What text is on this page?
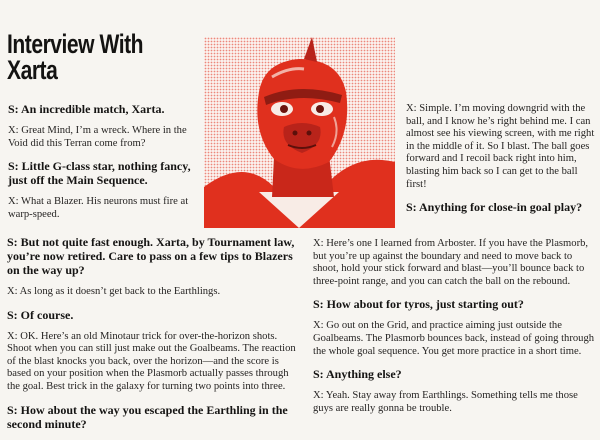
Interview With
Xarta
S: An incredible match, Xarta.
X: Great Mind, I’m a wreck. Where in the Void did this Terran come from?
S: Little G-class star, nothing fancy, just off the Main Sequence.
X: What a Blazer. His neurons must fire at warp-speed.
X: Simple. I’m moving downgrid with the ball, and I know he’s right behind me. I can almost see his viewing screen, with me right in the middle of it. So I blast. The ball goes forward and I recoil back right into him, blasting him back so I can get to the ball first!
S: Anything for close-in goal play?
S: But not quite fast enough. Xarta, by Tournament law, you’re now retired. Care to pass on a few tips to Blazers on the way up?
X: As long as it doesn’t get back to the Earthlings.
S: Of course.
X: OK. Here’s an old Minotaur trick for over-the-horizon shots. Shoot when you can still just make out the Goalbeams. The reaction of the blast knocks you back, over the horizon—and the score is based on your position when the Plasmorb actually passes through the goal. Best trick in the galaxy for turning two points into three.
S: How about the way you escaped the Earthling in the second minute?
X: Here’s one I learned from Arboster. If you have the Plasmorb, but you’re up against the boundary and need to move back to shoot, hold your stick forward and blast—you’ll bounce back to three-point range, and you can catch the ball on the rebound.
S: How about for tyros, just starting out?
X: Go out on the Grid, and practice aiming just outside the Goalbeams. The Plasmorb bounces back, instead of going through the whole goal sequence. You get more practice in a short time.
S: Anything else?
X: Yeah. Stay away from Earthlings. Something tells me those guys are really gonna be trouble.
